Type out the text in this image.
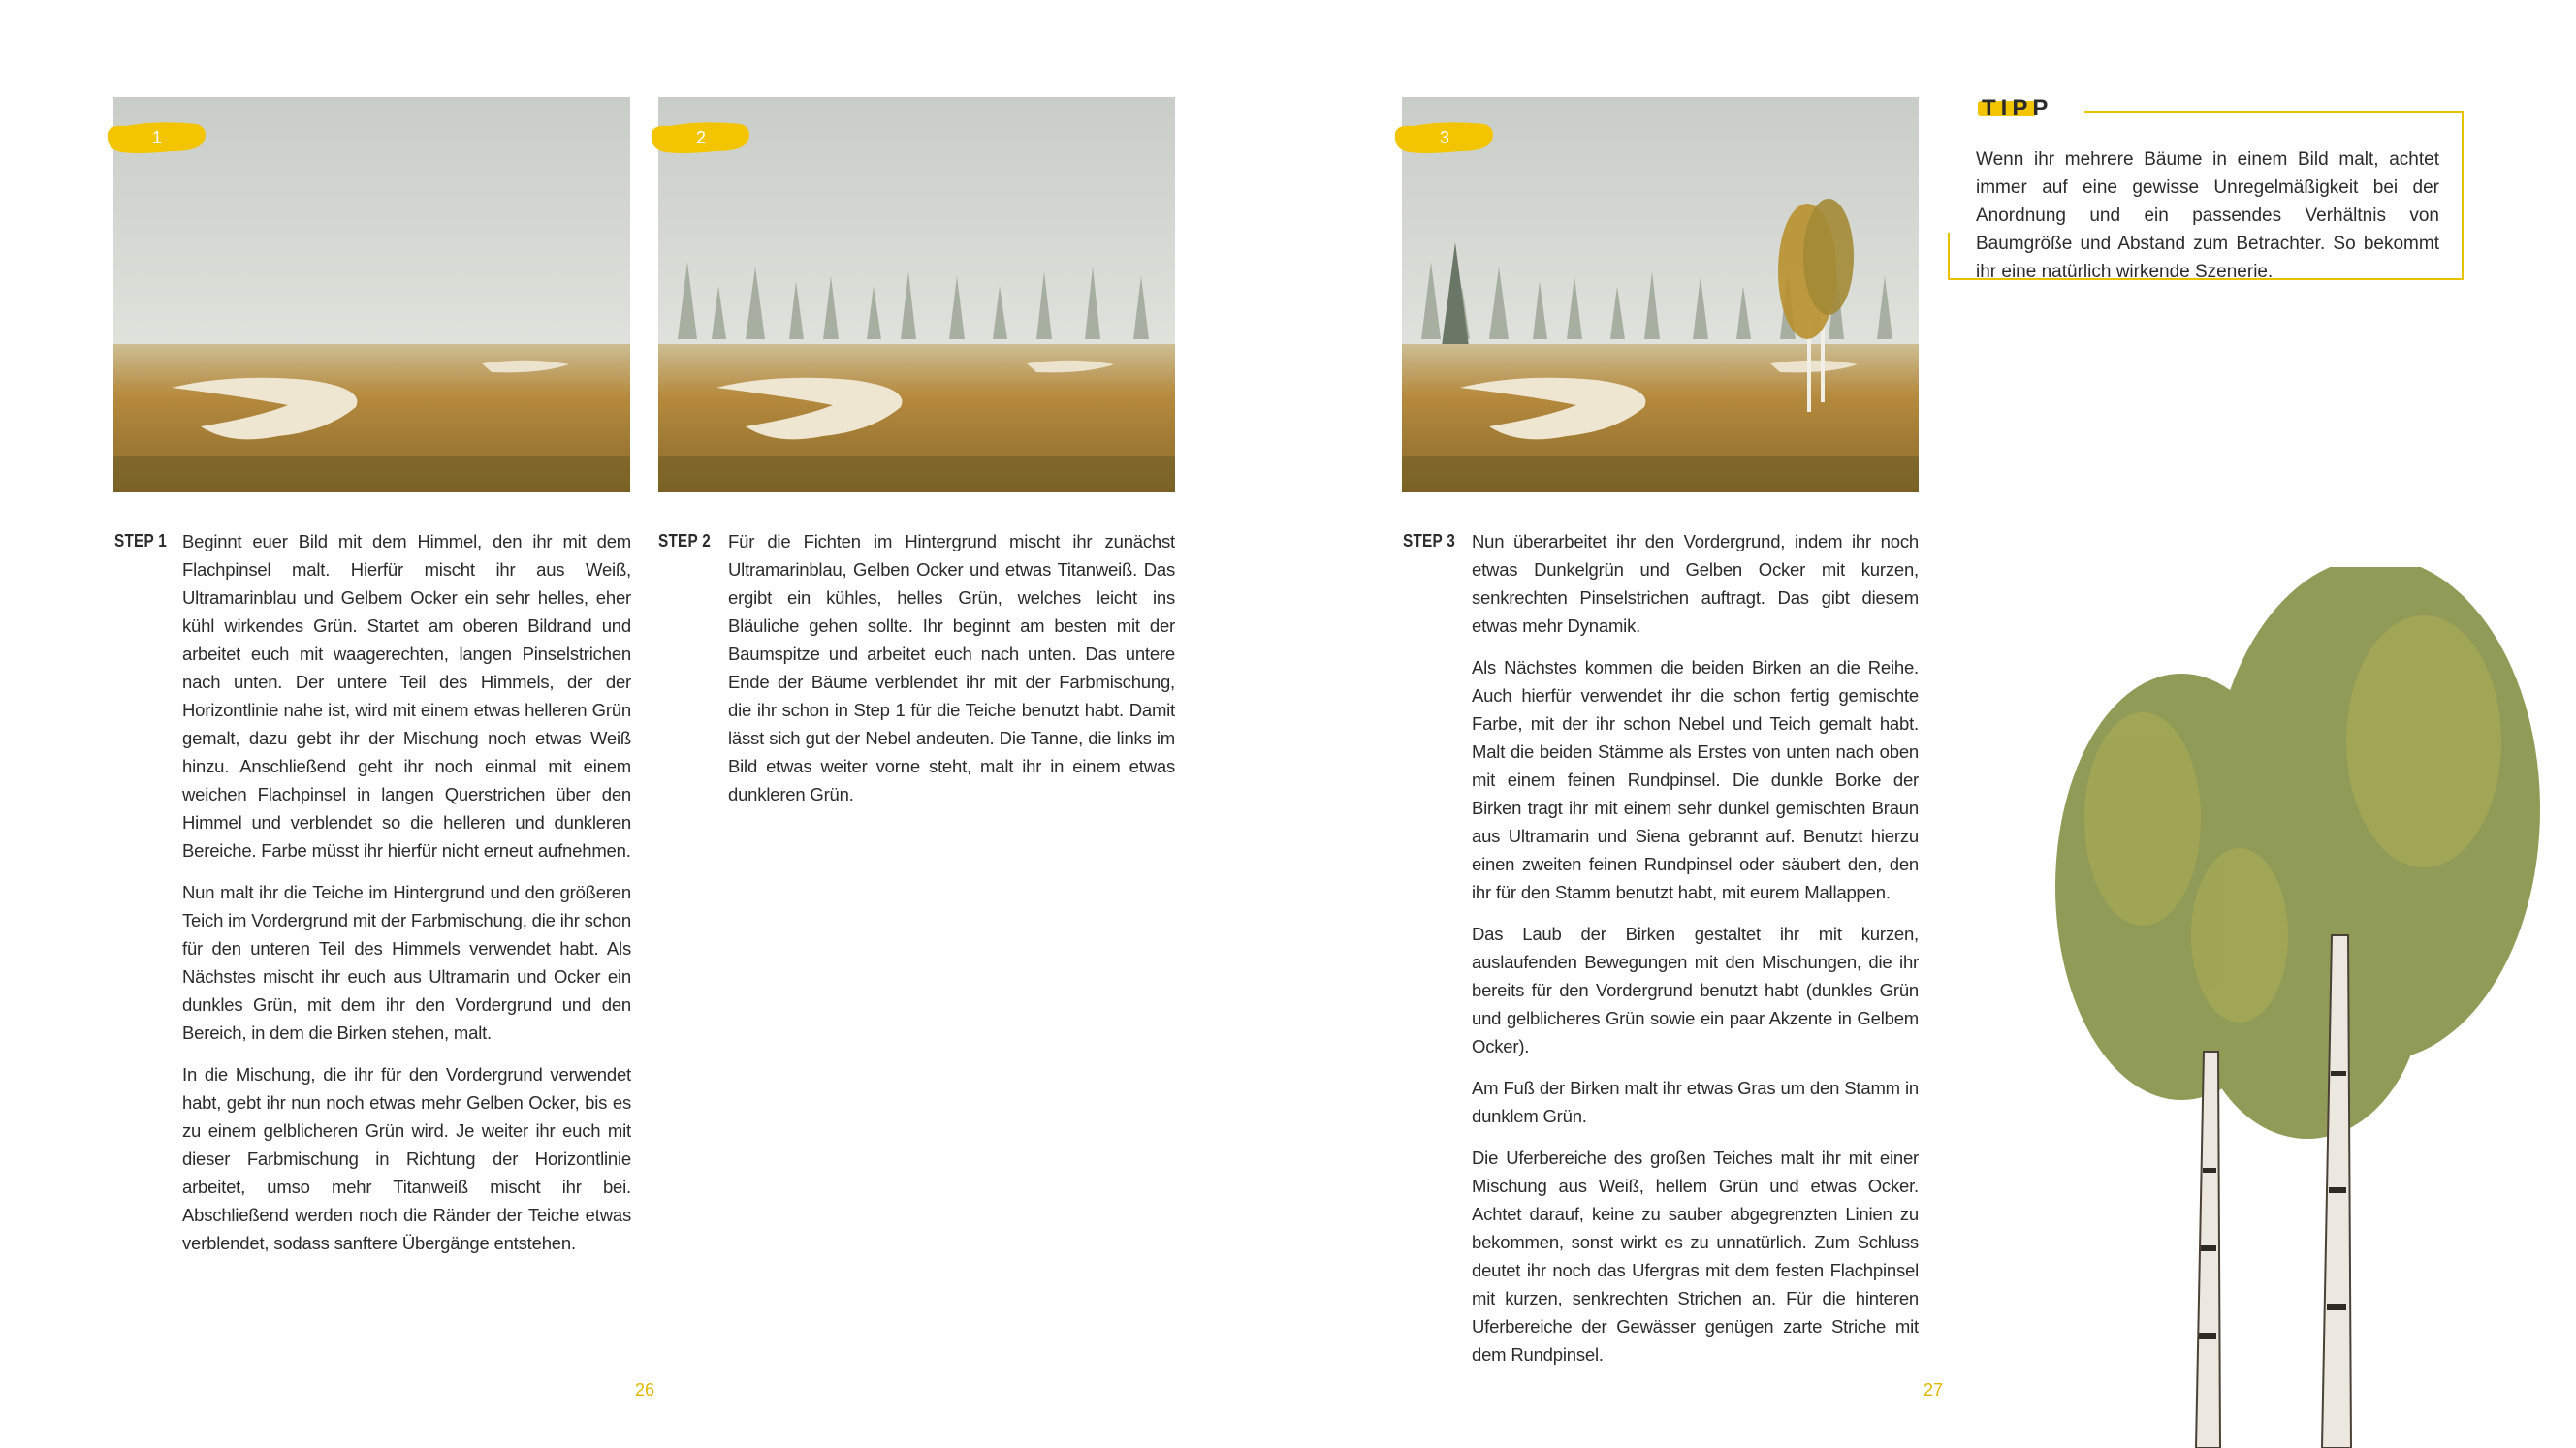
1	2	3
STEP 1 Beginnt euer Bild mit dem Himmel, den ihr mit dem Flachpinsel malt. Hierfür mischt ihr aus Weiß, Ultramarinblau und Gelbem Ocker ein sehr helles, eher kühl wirkendes Grün. Startet am oberen Bildrand und arbeitet euch mit waagerechten, langen Pinselstrichen nach unten. Der untere Teil des Himmels, der der Horizontlinie nahe ist, wird mit einem etwas helleren Grün gemalt, dazu gebt ihr der Mischung noch etwas Weiß hinzu. Anschließend geht ihr noch einmal mit einem weichen Flachpinsel in langen Querstrichen über den Himmel und verblendet so die helleren und dunkleren Bereiche. Farbe müsst ihr hierfür nicht erneut aufnehmen.

Nun malt ihr die Teiche im Hintergrund und den größeren Teich im Vordergrund mit der Farbmischung, die ihr schon für den unteren Teil des Himmels verwendet habt. Als Nächstes mischt ihr euch aus Ultramarin und Ocker ein dunkles Grün, mit dem ihr den Vordergrund und den Bereich, in dem die Birken stehen, malt.

In die Mischung, die ihr für den Vordergrund verwendet habt, gebt ihr nun noch etwas mehr Gelben Ocker, bis es zu einem gelblicheren Grün wird. Je weiter ihr euch mit dieser Farbmischung in Richtung der Horizontlinie arbeitet, umso mehr Titanweiß mischt ihr bei. Abschließend werden noch die Ränder der Teiche etwas verblendet, sodass sanftere Übergänge entstehen.

STEP 2 Für die Fichten im Hintergrund mischt ihr zunächst Ultramarinblau, Gelben Ocker und etwas Titanweiß. Das ergibt ein kühles, helles Grün, welches leicht ins Bläuliche gehen sollte. Ihr beginnt am besten mit der Baumspitze und arbeitet euch nach unten. Das untere Ende der Bäume verblendet ihr mit der Farbmischung, die ihr schon in Step 1 für die Teiche benutzt habt. Damit lässt sich gut der Nebel andeuten. Die Tanne, die links im Bild etwas weiter vorne steht, malt ihr in einem etwas dunkleren Grün.

STEP 3 Nun überarbeitet ihr den Vordergrund, indem ihr noch etwas Dunkelgrün und Gelben Ocker mit kurzen, senkrechten Pinselstrichen auftragt. Das gibt diesem etwas mehr Dynamik.

Als Nächstes kommen die beiden Birken an die Reihe. Auch hierfür verwendet ihr die schon fertig gemischte Farbe, mit der ihr schon Nebel und Teich gemalt habt. Malt die beiden Stämme als Erstes von unten nach oben mit einem feinen Rundpinsel. Die dunkle Borke der Birken tragt ihr mit einem sehr dunkel gemischten Braun aus Ultramarin und Siena gebrannt auf. Benutzt hierzu einen zweiten feinen Rundpinsel oder säubert den, den ihr für den Stamm benutzt habt, mit eurem Mallappen.

Das Laub der Birken gestaltet ihr mit kurzen, auslaufenden Bewegungen mit den Mischungen, die ihr bereits für den Vordergrund benutzt habt (dunkles Grün und gelblicheres Grün sowie ein paar Akzente in Gelbem Ocker).

Am Fuß der Birken malt ihr etwas Gras um den Stamm in dunklem Grün.

Die Uferbereiche des großen Teiches malt ihr mit einer Mischung aus Weiß, hellem Grün und etwas Ocker. Achtet darauf, keine zu sauber abgegrenzten Linien zu bekommen, sonst wirkt es zu unnatürlich. Zum Schluss deutet ihr noch das Ufergras mit dem festen Flachpinsel mit kurzen, senkrechten Strichen an. Für die hinteren Uferbereiche der Gewässer genügen zarte Striche mit dem Rundpinsel.

TIPP
Wenn ihr mehrere Bäume in einem Bild malt, achtet immer auf eine gewisse Unregelmäßigkeit bei der Anordnung und ein passendes Verhältnis von Baumgröße und Abstand zum Betrachter. So bekommt ihr eine natürlich wirkende Szenerie.
26	27
